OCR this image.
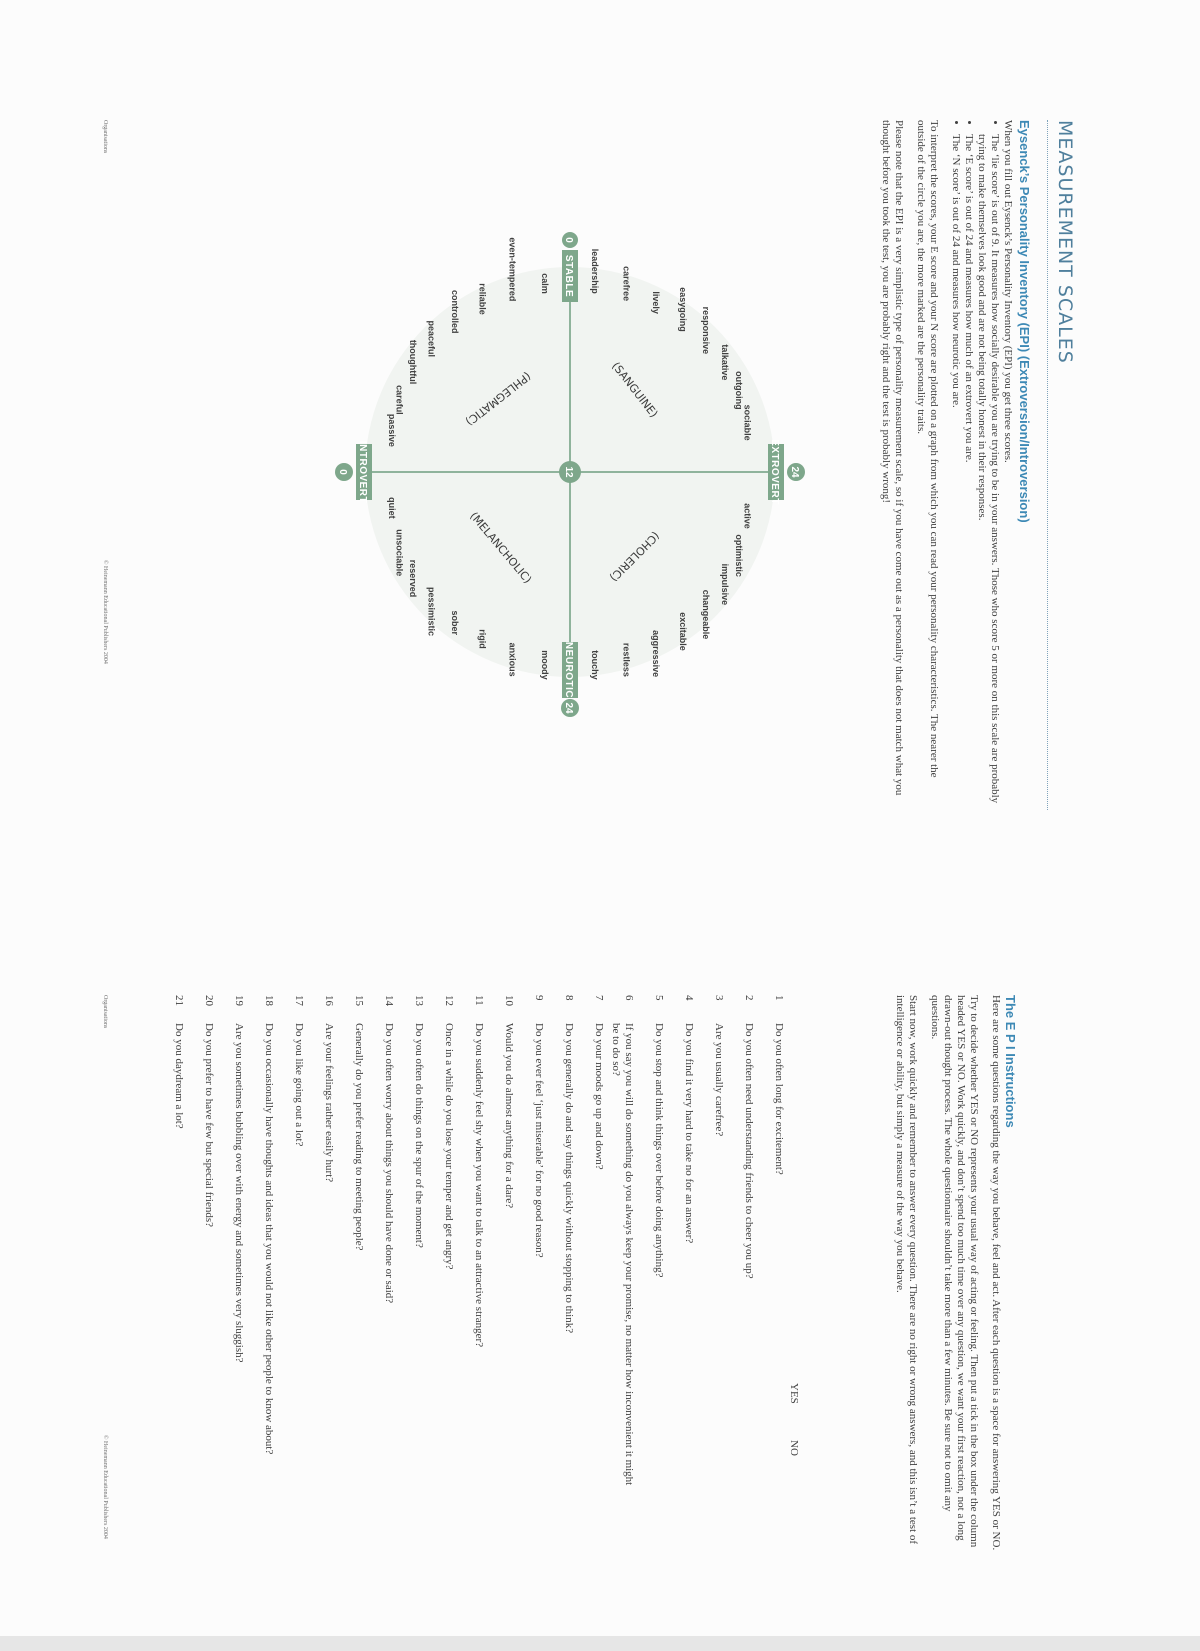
MEASUREMENT SCALES
Eysenck’s Personality Inventory (EPI) (Extroversion/Introversion)
When you fill out Eysenck’s Personality Inventory (EPI) you get three scores.
• The ‘lie score’ is out of 9. It measures how socially desirable you are trying to be in your answers. Those who score 5 or more on this scale are probably trying to make themselves look good and are not being totally honest in their responses.
• The ‘E score’ is out of 24 and measures how much of an extrovert you are.
• The ‘N score’ is out of 24 and measures how neurotic you are.
To interpret the scores, your E score and your N score are plotted on a graph from which you can read your personality characteristics. The nearer the outside of the circle you are, the more marked are the personality traits.
Please note that the EPI is a very simplistic type of personality measurement scale, so if you have come out as a personality that does not match what you thought before you took the test, you are probably right and the test is probably wrong!
EXTROVERT 24
INTROVERT
0
STABLE
0
NEUROTIC
24
12
(SANGUINE)
(CHOLERIC)
(PHLEGMATIC)
(MELANCHOLIC)
sociable
outgoing
talkative
responsive
easygoing
lively
carefree
leadership
active
optimistic
impulsive
changeable
excitable
aggressive
restless
touchy
calm
even-tempered
reliable
controlled
peaceful
thoughtful
careful
passive
moody
anxious
rigid
sober
pessimistic
reserved
unsociable
quiet
Organisations
© Heinemann Educational Publishers 2004
The E P I Instructions
Here are some questions regarding the way you behave, feel and act. After each question is a space for answering YES or NO.
Try to decide whether YES or NO represents your usual way of acting or feeling. Then put a tick in the box under the column headed YES or NO. Work quickly, and don’t spend too much time over any question, we want your first reaction, not a long drawn-out thought process. The whole questionnaire shouldn’t take more than a few minutes. Be sure not to omit any questions.
Start now, work quickly and remember to answer every question. There are no right or wrong answers, and this isn’t a test of intelligence or ability, but simply a measure of the way you behave.
YES
NO
1
Do you often long for excitement?
2
Do you often need understanding friends to cheer you up?
3
Are you usually carefree?
4
Do you find it very hard to take no for an answer?
5
Do you stop and think things over before doing anything?
6
If you say you will do something do you always keep your promise, no matter how inconvenient it might be to do so?
7
Do your moods go up and down?
8
Do you generally do and say things quickly without stopping to think?
9
Do you ever feel ‘just miserable’ for no good reason?
10
Would you do almost anything for a dare?
11
Do you suddenly feel shy when you want to talk to an attractive stranger?
12
Once in a while do you lose your temper and get angry?
13
Do you often do things on the spur of the moment?
14
Do you often worry about things you should have done or said?
15
Generally do you prefer reading to meeting people?
16
Are your feelings rather easily hurt?
17
Do you like going out a lot?
18
Do you occasionally have thoughts and ideas that you would not like other people to know about?
19
Are you sometimes bubbling over with energy and sometimes very sluggish?
20
Do you prefer to have few but special friends?
21
Do you daydream a lot?
Organisations
© Heinemann Educational Publishers 2004
